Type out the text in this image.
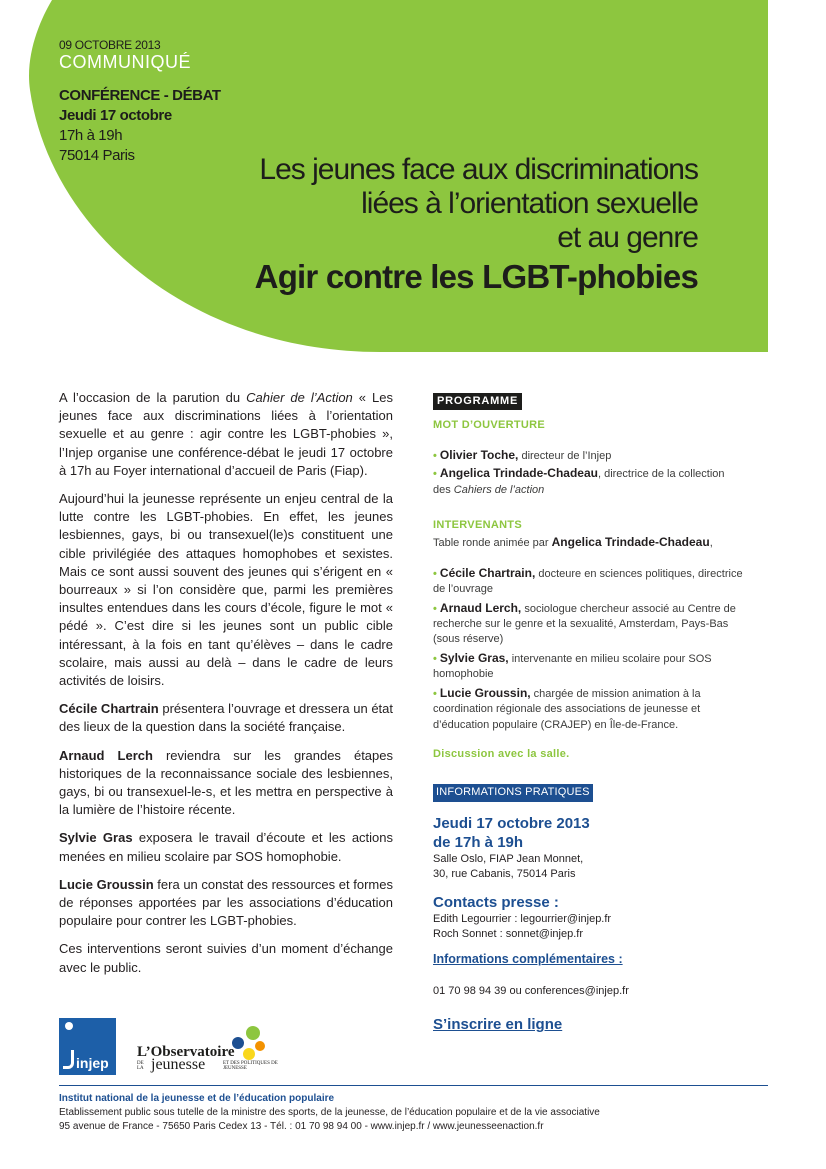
09 OCTOBRE 2013
COMMUNIQUÉ
CONFÉRENCE - DÉBAT
Jeudi 17 octobre
17h à 19h
75014 Paris	Les jeunes face aux discriminations
liées à l’orientation sexuelle
et au genre
Agir contre les LGBT-phobies

A l’occasion de la parution du Cahier de l’Action « Les jeunes face aux discriminations liées à l’orientation sexuelle et au genre : agir contre les LGBT-phobies », l’Injep organise une conférence-débat le jeudi 17 octobre à 17h au Foyer international d’accueil de Paris (Fiap).

Aujourd’hui la jeunesse représente un enjeu central de la lutte contre les LGBT-phobies. En effet, les jeunes lesbiennes, gays, bi ou transexuel(le)s constituent une cible privilégiée des attaques homophobes et sexistes. Mais ce sont aussi souvent des jeunes qui s’érigent en « bourreaux » si l’on considère que, parmi les premières insultes entendues dans les cours d’école, figure le mot « pédé ». C’est dire si les jeunes sont un public cible intéressant, à la fois en tant qu’élèves – dans le cadre scolaire, mais aussi au delà – dans le cadre de leurs activités de loisirs.

Cécile Chartrain présentera l’ouvrage et dressera un état des lieux de la question dans la société française.

Arnaud Lerch reviendra sur les grandes étapes historiques de la reconnaissance sociale des lesbiennes, gays, bi ou transexuel-le-s, et les mettra en perspective à la lumière de l’histoire récente.

Sylvie Gras exposera le travail d’écoute et les actions menées en milieu scolaire par SOS homophobie.

Lucie Groussin fera un constat des ressources et formes de réponses apportées par les associations d’éducation populaire pour contrer les LGBT-phobies.

Ces interventions seront suivies d’un moment d’échange avec le public.

PROGRAMME
MOT D’OUVERTURE
• Olivier Toche, directeur de l’Injep
• Angelica Trindade-Chadeau, directrice de la collection des Cahiers de l’action
INTERVENANTS
Table ronde animée par Angelica Trindade-Chadeau,
• Cécile Chartrain, docteure en sciences politiques, directrice de l’ouvrage
• Arnaud Lerch, sociologue chercheur associé au Centre de recherche sur le genre et la sexualité, Amsterdam, Pays-Bas (sous réserve)
• Sylvie Gras, intervenante en milieu scolaire pour SOS homophobie
• Lucie Groussin, chargée de mission animation à la coordination régionale des associations de jeunesse et d’éducation populaire (CRAJEP) en Île-de-France.
Discussion avec la salle.
INFORMATIONS PRATIQUES
Jeudi 17 octobre 2013
de 17h à 19h
Salle Oslo, FIAP Jean Monnet,
30, rue Cabanis, 75014 Paris
Contacts presse :
Edith Legourrier : legourrier@injep.fr
Roch Sonnet : sonnet@injep.fr
Informations complémentaires :
01 70 98 94 39 ou conferences@injep.fr
S’inscrire en ligne
injep
L’Observatoire
DE LA jeunesse	ET DES POLITIQUES DE JEUNESSE
Institut national de la jeunesse et de l’éducation populaire
Etablissement public sous tutelle de la ministre des sports, de la jeunesse, de l’éducation populaire et de la vie associative
95 avenue de France - 75650 Paris Cedex 13 - Tél. : 01 70 98 94 00 - www.injep.fr / www.jeunesseenaction.fr
